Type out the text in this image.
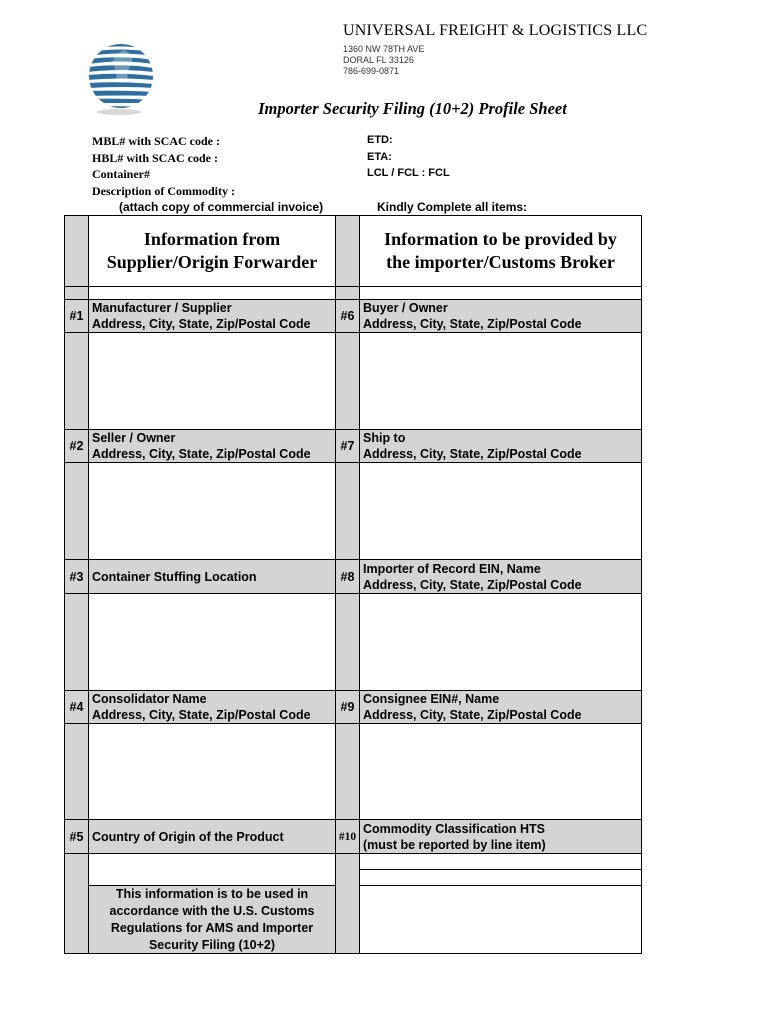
UNIVERSAL FREIGHT & LOGISTICS LLC
1360 NW 78TH AVE
DORAL FL 33126
786-699-0871
Importer Security Filing (10+2) Profile Sheet
MBL# with SCAC code :
HBL# with SCAC code :
Container#
Description of Commodity :
(attach copy of commercial invoice)
ETD:
ETA:
LCL / FCL : FCL
Kindly Complete all items:
Information from
Supplier/Origin Forwarder
Information to be provided by
the importer/Customs Broker
#1
Manufacturer / Supplier
Address, City, State, Zip/Postal Code
#6
Buyer / Owner
Address, City, State, Zip/Postal Code
#2
Seller / Owner
Address, City, State, Zip/Postal Code
#7
Ship to
Address, City, State, Zip/Postal Code
#3 Container Stuffing Location	#8
Importer of Record EIN, Name
Address, City, State, Zip/Postal Code
#4
Consolidator Name
Address, City, State, Zip/Postal Code
#9
Consignee EIN#, Name
Address, City, State, Zip/Postal Code
#5 Country of Origin of the Product	#10
Commodity Classification HTS
(must be reported by line item)
This information is to be used in
accordance with the U.S. Customs
Regulations for AMS and Importer
Security Filing (10+2)
